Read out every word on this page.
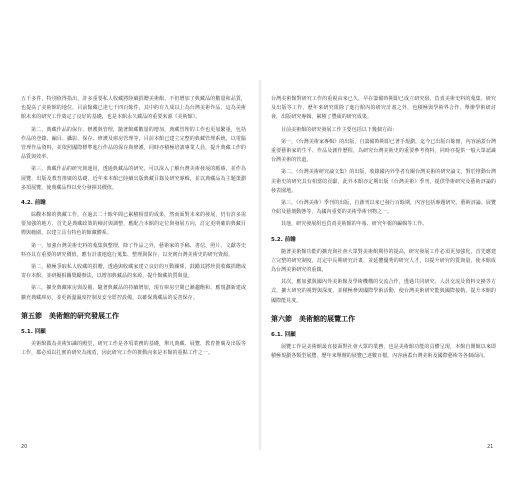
五千多件，特別值得指出，許多重要私人收藏將陸續捐贈美術館，不但增加了典藏品的數量和品質，也提高了美術館的地位，目前館藏已達七千四百餘件，其中約有九成以上為台灣美術作品，這為美術館未來的研究工作奠定了良好的基礎，也是本館永久藏品的重要來源《美術館》。

第二，典藏作品的保存、修護與管理，隨著館藏數量的增加，典藏管理的工作也更加繁重，包括作品的登錄、編目、攝影、保存、修護及庫房管理等，目前本館已建立完整的典藏管理系統，以電腦管理作品資料，並依照國際標準進行作品的保存與修護，同時亦積極培訓專業人員，提升典藏工作的品質與效率。

第三，典藏作品的研究與運用，透過典藏品的研究，可以深入了解台灣美術發展的脈絡，並作為展覽、出版及教育推廣的基礎，近年來本館已陸續出版典藏目錄及研究專輯，並以典藏品為主題策劃多項展覽，使典藏品得以充分發揮其價值。

4.2. 前瞻

綜觀本館的典藏工作，在過去二十餘年間已累積相當的成果，然而面對未來的發展，仍有許多需要加強的地方，首先是典藏政策的檢討與調整，應配合本館的定位與發展方向，訂定更明確的典藏目標與範圍，以建立具有特色的館藏體系。

第一，加強台灣美術史料的蒐集與整理，除了作品之外，藝術家的手稿、書信、照片、文獻等史料亦具有重要的研究價值，應有計畫地進行蒐集、整理與保存，以充實台灣美術史的研究資源。

第二，積極爭取私人收藏的捐贈，透過與收藏家建立良好的互動關係，鼓勵其將珍貴收藏捐贈或寄存本館，並研擬相關獎勵辦法，以增加典藏品的來源，提升館藏的質與量。

第三，擴充典藏庫房與設備，隨著典藏品的持續增加，現有庫房空間已漸趨飽和，應規劃新建或擴充典藏庫房，並更新溫濕度控制及安全監控設備，以確保典藏品的妥善保存。

第五節　美術館的研究發展工作
5.1. 回顧

美術館做為美術知識的殿堂，研究工作是各項業務的基礎，舉凡典藏、展覽、教育推廣及出版等工作，都必須以扎實的研究為後盾，因此研究工作的推動向來是本館的重點工作之一。

台灣美術館對研究工作的重視由來已久，早在籌備時期即已成立研究組，負責美術史料的蒐集、研究及出版等工作，歷年來研究組除了進行館內的研究計畫之外，也積極與學術界合作，舉辦學術研討會，出版研究專輯，累積了豐碩的研究成果。

目前美術館的研究發展工作主要包括以下幾個方面：

第一，《台灣美術家專輯》的出版，自籌備時期即已著手規劃，迄今已出版百餘冊，內容涵蓋台灣重要藝術家的生平、作品及創作歷程，為研究台灣美術史的重要參考資料，同時亦提供一般大眾認識台灣美術的管道。

第二，《台灣美術研究論文集》的出版，收錄國內外學者有關台灣美術的研究論文，對於推動台灣美術史的研究具有相當的貢獻，此外本館亦定期出版《台灣美術》季刊，提供學術研究及藝術評論的發表園地。

第三，《台灣美術》季刊的出版，自創刊以來已發行百餘期，內容包括專題研究、藝術評論、展覽介紹及藝壇動態等，為國內重要的美術學術刊物之一。

其他，研究發展組也負責美術館的年報、研究年報的編輯等工作。

5.2. 前瞻

隨著美術館功能的擴充與社會大眾對美術館期待的提高，研究發展工作必須更加強化，首先應建立完整的研究制度，訂定中長期研究計畫，並延攬優秀的研究人才，以提升研究的質與量，使本館成為台灣美術研究的重鎮。

其次，應加強與國內外美術館及學術機構的交流合作，透過共同研究、人員交流及資料交換等方式，擴大研究的視野與深度，並積極參與國際學術活動，使台灣美術研究能與國際接軌，提升本館的國際能見度。

第六節　美術館的展覽工作
6.1. 回顧

展覽工作是美術館最直接面對社會大眾的業務，也是美術館功能的具體呈現，本館自開館以來即積極規劃各類型展覽，歷年來舉辦的展覽已達數百檔，內容涵蓋台灣美術及國際藝術等各個面向。

20	21
